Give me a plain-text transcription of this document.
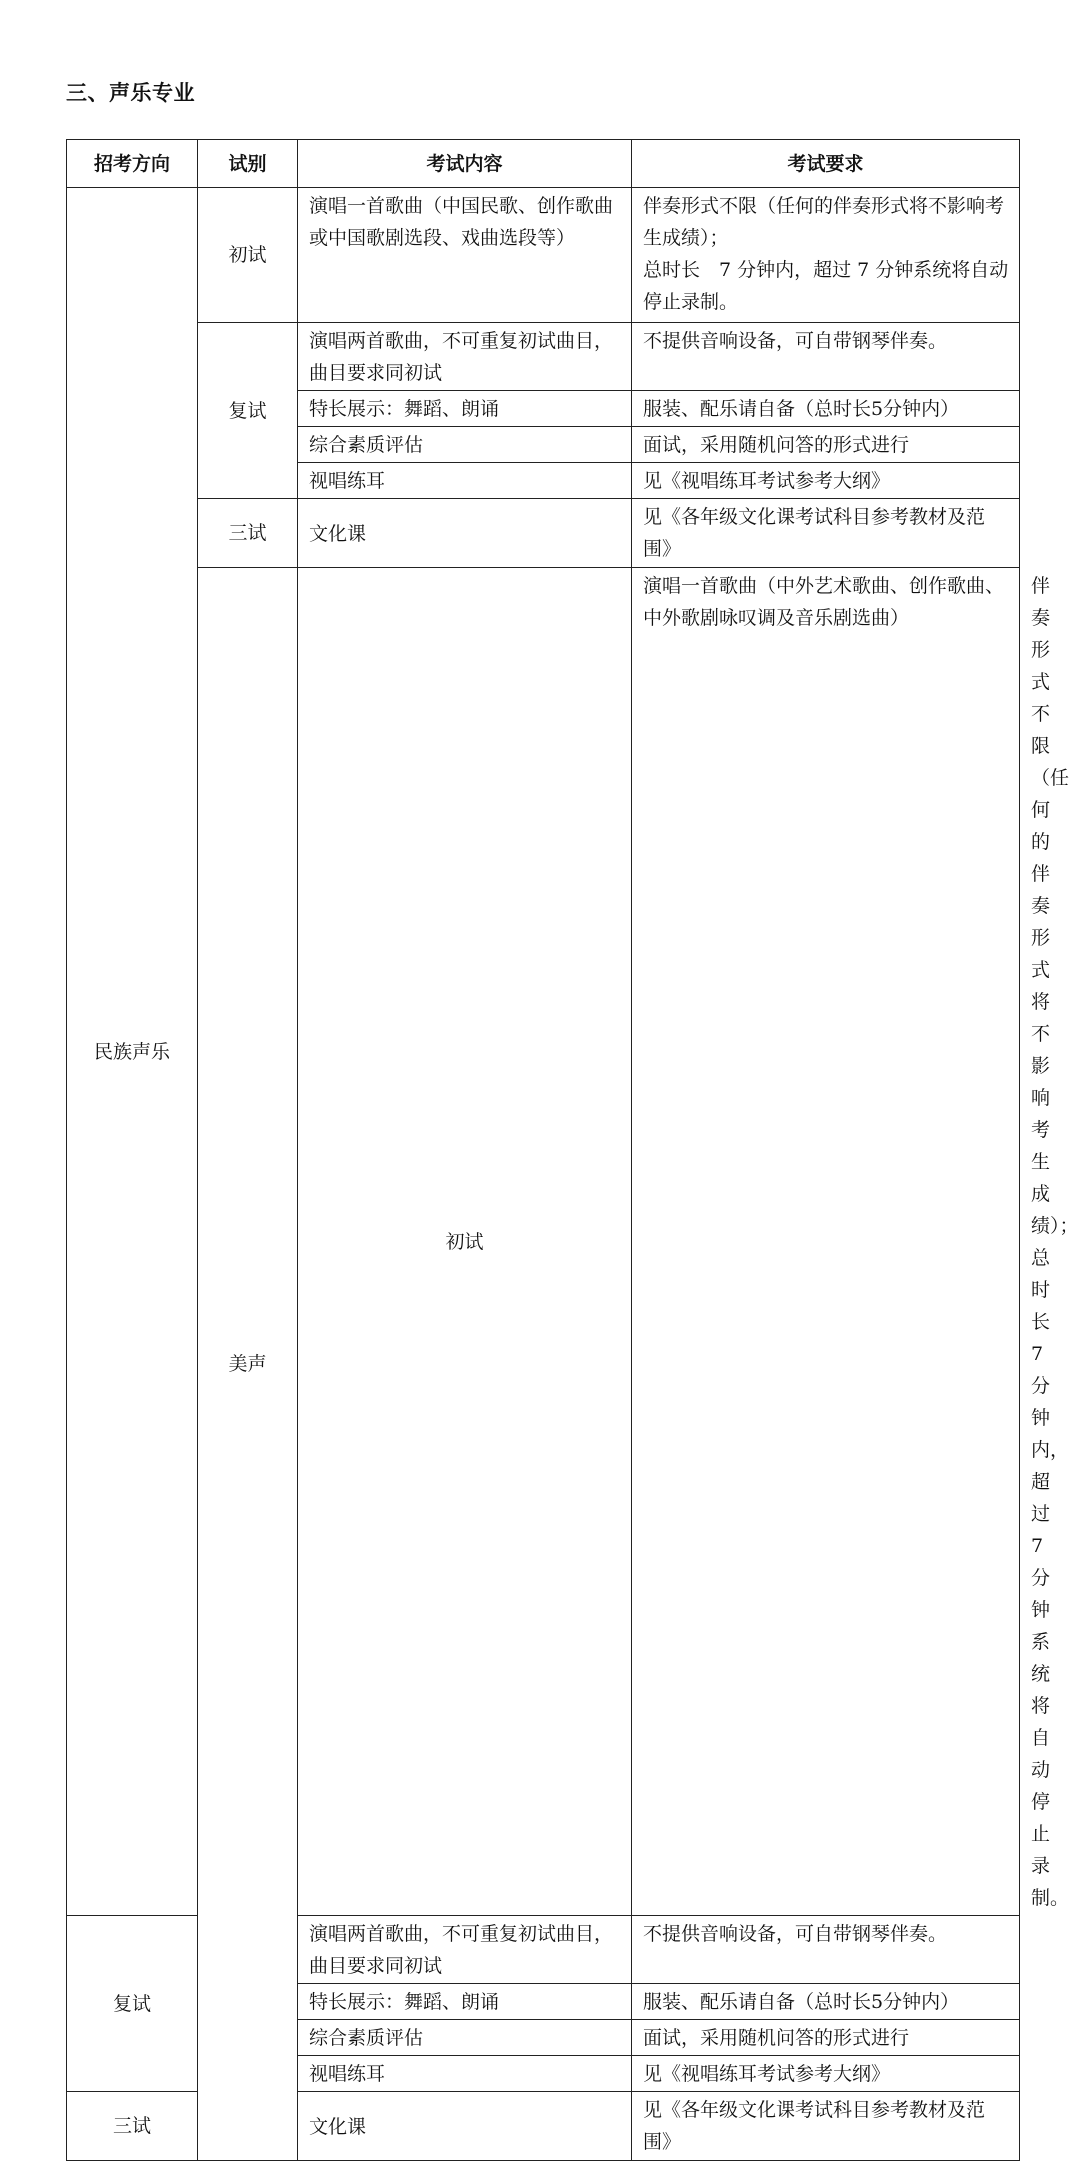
三、声乐专业
招考方向	试别	考试内容	考试要求	
民族声乐	初试	演唱一首歌曲（中国民歌、创作歌曲或中国歌剧选段、戏曲选段等）	伴奏形式不限（任何的伴奏形式将不影响考生成绩）；
总时长　7 分钟内，超过 7 分钟系统将自动停止录制。	

	复试	演唱两首歌曲，不可重复初试曲目，曲目要求同初试	不提供音响设备，可自带钢琴伴奏。	
		特长展示：舞蹈、朗诵	服装、配乐请自备（总时长5分钟内）	
		综合素质评估	面试，采用随机问答的形式进行	
		视唱练耳	见《视唱练耳考试参考大纲》	
	三试	文化课	见《各年级文化课考试科目参考教材及范围》	
	美声	初试	演唱一首歌曲（中外艺术歌曲、创作歌曲、中外歌剧咏叹调及音乐剧选曲）	伴奏形式不限（任何的伴奏形式将不影响考生成绩）；
总时长　7 分钟内，超过 7 分钟系统将自动停止录制。

复试		演唱两首歌曲，不可重复初试曲目，曲目要求同初试	不提供音响设备，可自带钢琴伴奏。	
		特长展示：舞蹈、朗诵	服装、配乐请自备（总时长5分钟内）	
		综合素质评估	面试，采用随机问答的形式进行	
		视唱练耳	见《视唱练耳考试参考大纲》	
三试		文化课	见《各年级文化课考试科目参考教材及范围》	
